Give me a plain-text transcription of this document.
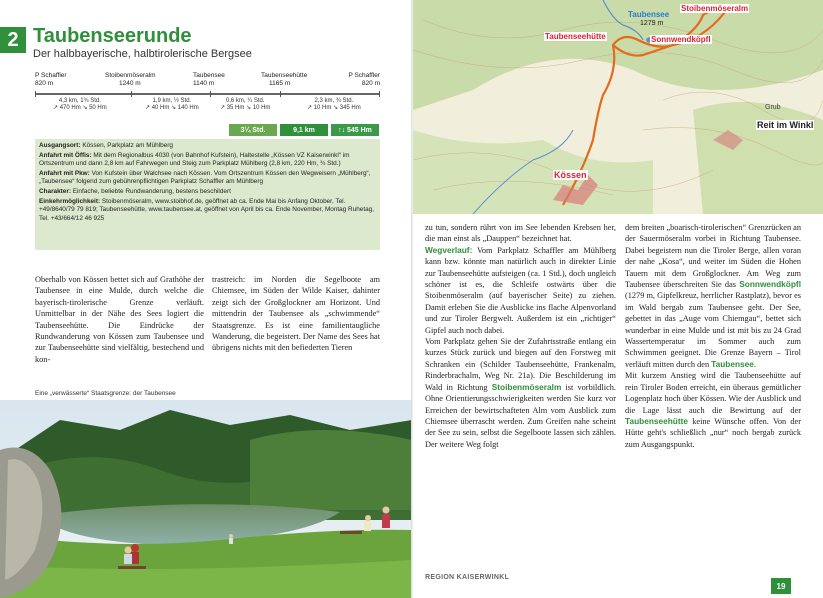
2 Taubenseerunde
Der halbbayerische, halbtirolerische Bergsee
P Schaffler
820 m
Stoibenmöseralm
1240 m
Taubensee
1140 m
Taubenseehütte
1165 m
P Schaffler
820 m
4,3 km, 1¾ Std.
↗ 470 Hm ↘ 50 Hm
1,9 km, ½ Std.
↗ 40 Hm ↘ 140 Hm
0,6 km, ¼ Std.
↗ 35 Hm ↘ 10 Hm
2,3 km, ¾ Std.
↗ 10 Hm ↘ 345 Hm
3¼ Std.	9,1 km	↑↓ 545 Hm

Ausgangsort: Kössen, Parkplatz am Mühlberg

Anfahrt mit Öffis: Mit dem Regionalbus 4030 (von Bahnhof Kufstein), Haltestelle „Kössen VZ Kaiserwinkl“ im Ortszentrum und dann 2,8 km auf Fahrwegen und Steig zum Parkplatz Mühlberg (2,8 km, 220 Hm, ¾ Std.)

Anfahrt mit Pkw: Von Kufstein über Walchsee nach Kössen. Vom Ortszentrum Kössen den Wegweisern „Mühlberg“, „Taubensee“ folgend zum gebührenpflichtigen Parkplatz Schaffler am Mühlberg

Charakter: Einfache, beliebte Rundwanderung, bestens beschildert

Einkehrmöglichkeit: Stoibenmöseralm, www.stoibhof.de, geöffnet ab ca. Ende Mai bis Anfang Oktober, Tel. +49/8640/79 79 819; Taubenseehütte, www.taubensee.at, geöffnet von April bis ca. Ende November, Montag Ruhetag, Tel. +43/664/12 46 925

Oberhalb von Kössen bettet sich auf Grathöhe der Taubensee in eine Mulde, durch welche die bayerisch-tirolerische Grenze verläuft. Unmittelbar in der Nähe des Sees logiert die Taubenseehütte. Die Eindrücke der Rundwanderung von Kössen zum Taubensee und zur Taubenseehütte sind vielfältig, bestechend und kon-
trastreich: im Norden die Segelboote am Chiemsee, im Süden der Wilde Kaiser, dahinter zeigt sich der Großglockner am Horizont. Und mittendrin der Taubensee als „schwimmende“ Staatsgrenze. Es ist eine familientaugliche Wanderung, die begeistert. Der Name des Sees hat übrigens nichts mit den befiederten Tieren
Eine „verwässerte“ Staatsgrenze: der Taubensee
Taubensee
Stoibenmöseralm
1279 m
Taubenseehütte	Sonnwendköpfl
Kössen
Reit im Winkl
Grub

zu tun, sondern rührt von im See lebenden Krebsen her, die man einst als „Dauppen“ bezeichnet hat.

Wegverlauf: Vom Parkplatz Schaffler am Mühlberg kann bzw. könnte man natürlich auch in direkter Linie zur Taubenseehütte aufsteigen (ca. 1 Std.), doch ungleich schöner ist es, die Schleife ostwärts über die Stoibenmöseralm (auf bayerischer Seite) zu ziehen. Damit erleben Sie die Ausblicke ins flache Alpenvorland und zur Tiroler Bergwelt. Außerdem ist ein „richtiger“ Gipfel auch noch dabei.

Vom Parkplatz gehen Sie der Zufahrtsstraße entlang ein kurzes Stück zurück und biegen auf den Forstweg mit Schranken ein (Schilder Taubenseehütte, Frankenalm, Rinderbrachalm, Weg Nr. 21a). Die Beschilderung im Wald in Richtung Stoibenmöseralm ist vorbildlich. Ohne Orientierungsschwierigkeiten werden Sie kurz vor Erreichen der bewirtschafteten Alm vom Ausblick zum Chiemsee überrascht werden. Zum Greifen nahe scheint der See zu sein, selbst die Segelboote lassen sich zählen. Der weitere Weg folgt

dem breiten „boarisch-tirolerischen“ Grenzrücken an der Sauermöseralm vorbei in Richtung Taubensee. Dabei begeistern nun die Tiroler Berge, allen voran der nahe „Kosa“, und weiter im Süden die Hohen Tauern mit dem Großglockner. Am Weg zum Taubensee überschreiten Sie das Sonnwendköpfl (1279 m, Gipfelkreuz, herrlicher Rastplatz), bevor es im Wald bergab zum Taubensee geht. Der See, gebettet in das „Auge vom Chiemgau“, bettet sich wunderbar in eine Mulde und ist mit bis zu 24 Grad Wassertemperatur im Sommer auch zum Schwimmen geeignet. Die Grenze Bayern – Tirol verläuft mitten durch den Taubensee.

Mit kurzem Anstieg wird die Taubenseehütte auf rein Tiroler Boden erreicht, ein überaus gemütlicher Logenplatz hoch über Kössen. Wie der Ausblick und die Lage lässt auch die Bewirtung auf der Taubenseehütte keine Wünsche offen. Von der Hütte geht's schließlich „nur“ noch bergab zurück zum Ausgangspunkt.

REGION KAISERWINKL
19
